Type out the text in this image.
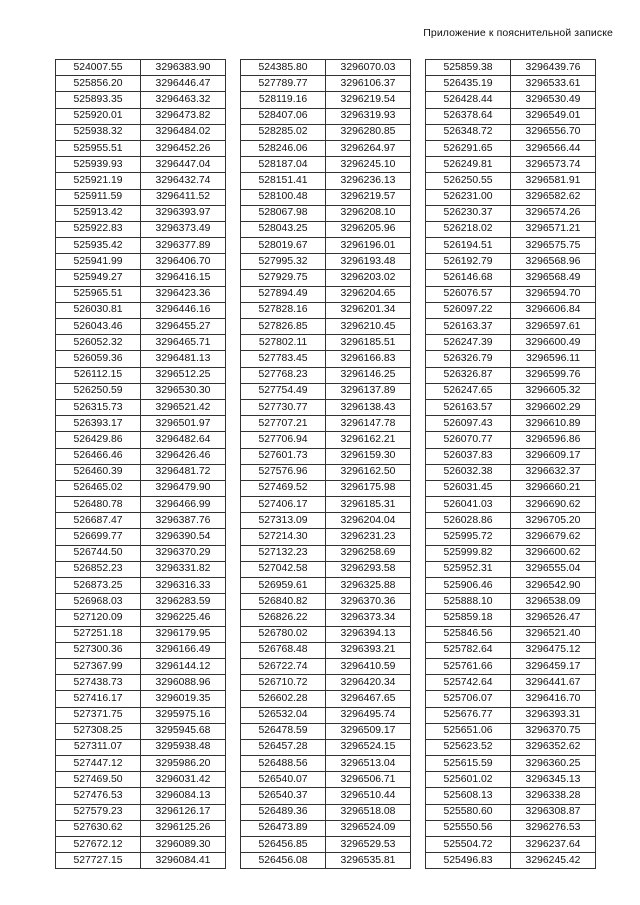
Приложение к пояснительной записке
524007.55	3296383.90
525856.20	3296446.47
525893.35	3296463.32
525920.01	3296473.82
525938.32	3296484.02
525955.51	3296452.26
525939.93	3296447.04
525921.19	3296432.74
525911.59	3296411.52
525913.42	3296393.97
525922.83	3296373.49
525935.42	3296377.89
525941.99	3296406.70
525949.27	3296416.15
525965.51	3296423.36
526030.81	3296446.16
526043.46	3296455.27
526052.32	3296465.71
526059.36	3296481.13
526112.15	3296512.25
526250.59	3296530.30
526315.73	3296521.42
526393.17	3296501.97
526429.86	3296482.64
526466.46	3296426.46
526460.39	3296481.72
526465.02	3296479.90
526480.78	3296466.99
526687.47	3296387.76
526699.77	3296390.54
526744.50	3296370.29
526852.23	3296331.82
526873.25	3296316.33
526968.03	3296283.59
527120.09	3296225.46
527251.18	3296179.95
527300.36	3296166.49
527367.99	3296144.12
527438.73	3296088.96
527416.17	3296019.35
527371.75	3295975.16
527308.25	3295945.68
527311.07	3295938.48
527447.12	3295986.20
527469.50	3296031.42
527476.53	3296084.13
527579.23	3296126.17
527630.62	3296125.26
527672.12	3296089.30
527727.15	3296084.41
524385.80	3296070.03
527789.77	3296106.37
528119.16	3296219.54
528407.06	3296319.93
528285.02	3296280.85
528246.06	3296264.97
528187.04	3296245.10
528151.41	3296236.13
528100.48	3296219.57
528067.98	3296208.10
528043.25	3296205.96
528019.67	3296196.01
527995.32	3296193.48
527929.75	3296203.02
527894.49	3296204.65
527828.16	3296201.34
527826.85	3296210.45
527802.11	3296185.51
527783.45	3296166.83
527768.23	3296146.25
527754.49	3296137.89
527730.77	3296138.43
527707.21	3296147.78
527706.94	3296162.21
527601.73	3296159.30
527576.96	3296162.50
527469.52	3296175.98
527406.17	3296185.31
527313.09	3296204.04
527214.30	3296231.23
527132.23	3296258.69
527042.58	3296293.58
526959.61	3296325.88
526840.82	3296370.36
526826.22	3296373.34
526780.02	3296394.13
526768.48	3296393.21
526722.74	3296410.59
526710.72	3296420.34
526602.28	3296467.65
526532.04	3296495.74
526478.59	3296509.17
526457.28	3296524.15
526488.56	3296513.04
526540.07	3296506.71
526540.37	3296510.44
526489.36	3296518.08
526473.89	3296524.09
526456.85	3296529.53
526456.08	3296535.81
525859.38	3296439.76
526435.19	3296533.61
526428.44	3296530.49
526378.64	3296549.01
526348.72	3296556.70
526291.65	3296566.44
526249.81	3296573.74
526250.55	3296581.91
526231.00	3296582.62
526230.37	3296574.26
526218.02	3296571.21
526194.51	3296575.75
526192.79	3296568.96
526146.68	3296568.49
526076.57	3296594.70
526097.22	3296606.84
526163.37	3296597.61
526247.39	3296600.49
526326.79	3296596.11
526326.87	3296599.76
526247.65	3296605.32
526163.57	3296602.29
526097.43	3296610.89
526070.77	3296596.86
526037.83	3296609.17
526032.38	3296632.37
526031.45	3296660.21
526041.03	3296690.62
526028.86	3296705.20
525995.72	3296679.62
525999.82	3296600.62
525952.31	3296555.04
525906.46	3296542.90
525888.10	3296538.09
525859.18	3296526.47
525846.56	3296521.40
525782.64	3296475.12
525761.66	3296459.17
525742.64	3296441.67
525706.07	3296416.70
525676.77	3296393.31
525651.06	3296370.75
525623.52	3296352.62
525615.59	3296360.25
525601.02	3296345.13
525608.13	3296338.28
525580.60	3296308.87
525550.56	3296276.53
525504.72	3296237.64
525496.83	3296245.42
